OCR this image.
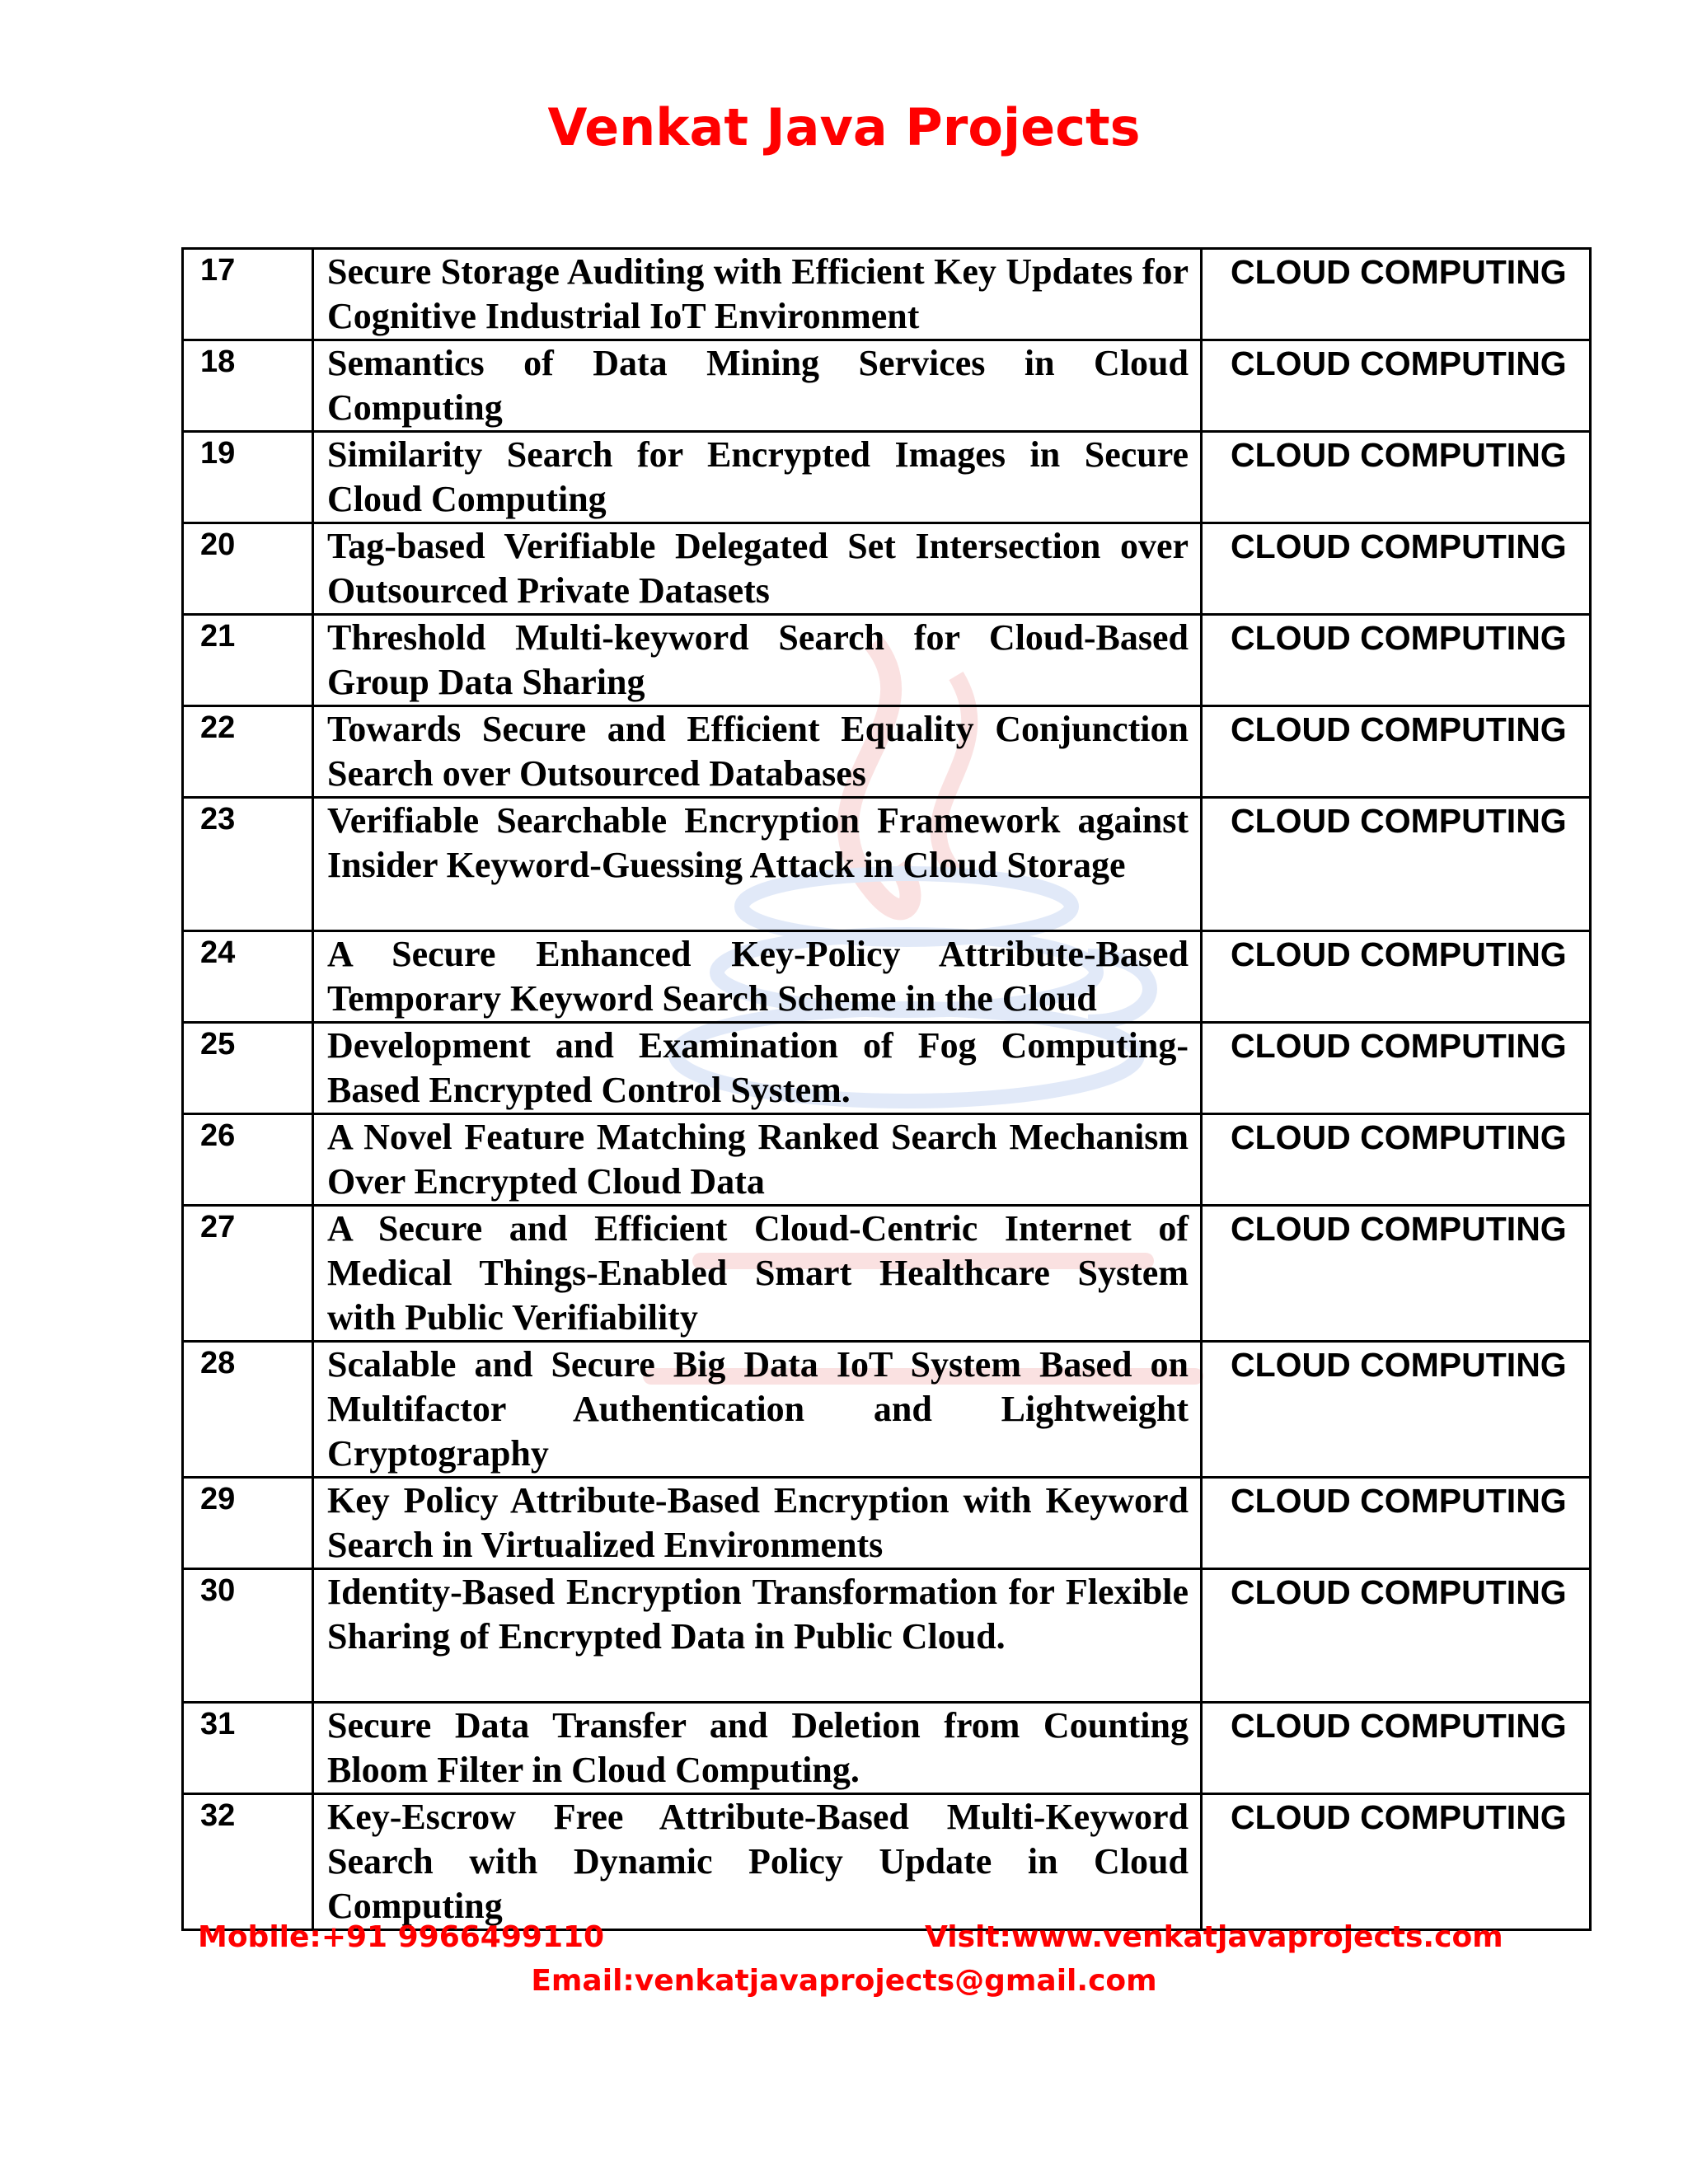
Venkat Java Projects
17	Secure Storage Auditing with Efficient Key Updates for Cognitive Industrial IoT Environment	CLOUD COMPUTING
18	Semantics of Data Mining Services in Cloud Computing	CLOUD COMPUTING
19	Similarity Search for Encrypted Images in Secure Cloud Computing	CLOUD COMPUTING
20	Tag-based Verifiable Delegated Set Intersection over Outsourced Private Datasets	CLOUD COMPUTING
21	Threshold Multi-keyword Search for Cloud-Based Group Data Sharing	CLOUD COMPUTING
22	Towards Secure and Efficient Equality Conjunction Search over Outsourced Databases	CLOUD COMPUTING
23	Verifiable Searchable Encryption Framework against Insider Keyword-Guessing Attack in Cloud Storage	CLOUD COMPUTING
24	A Secure Enhanced Key-Policy Attribute-Based Temporary Keyword Search Scheme in the Cloud	CLOUD COMPUTING
25	Development and Examination of Fog Computing-Based Encrypted Control System.	CLOUD COMPUTING
26	A Novel Feature Matching Ranked Search Mechanism Over Encrypted Cloud Data	CLOUD COMPUTING
27	A Secure and Efficient Cloud-Centric Internet of Medical Things-Enabled Smart Healthcare System with Public Verifiability	CLOUD COMPUTING
28	Scalable and Secure Big Data IoT System Based on Multifactor Authentication and Lightweight Cryptography	CLOUD COMPUTING
29	Key Policy Attribute-Based Encryption with Keyword Search in Virtualized Environments	CLOUD COMPUTING
30	Identity-Based Encryption Transformation for Flexible Sharing of Encrypted Data in Public Cloud.	CLOUD COMPUTING
31	Secure Data Transfer and Deletion from Counting Bloom Filter in Cloud Computing.	CLOUD COMPUTING
32	Key-Escrow Free Attribute-Based Multi-Keyword Search with Dynamic Policy Update in Cloud Computing	CLOUD COMPUTING
Mobile:+91 9966499110	Visit:www.venkatjavaprojects.com
Email:venkatjavaprojects@gmail.com
